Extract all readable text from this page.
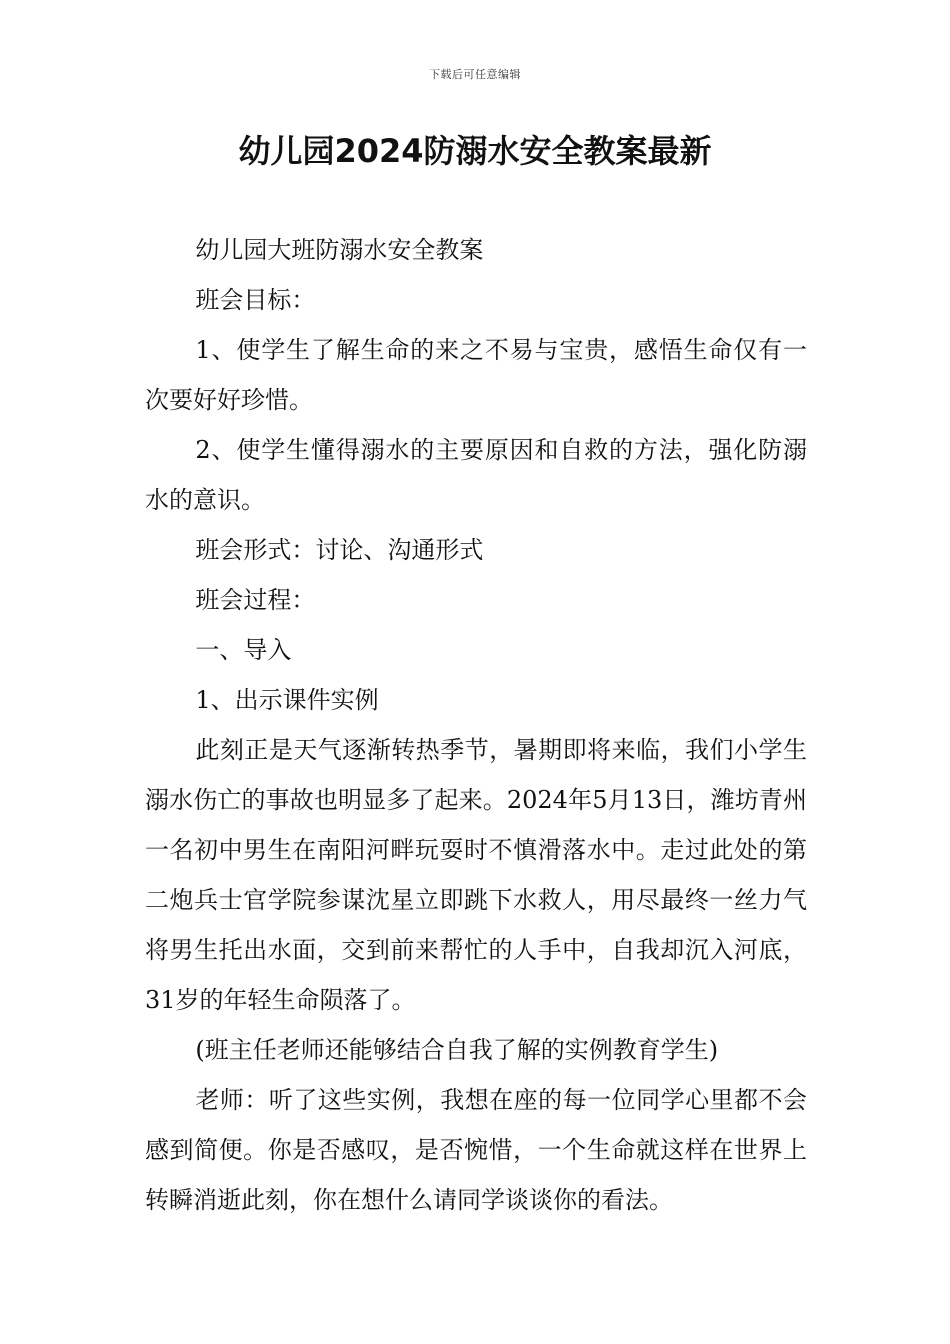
下载后可任意编辑
幼儿园2024防溺水安全教案最新

幼儿园大班防溺水安全教案

班会目标：

1、使学生了解生命的来之不易与宝贵，感悟生命仅有一次要好好珍惜。

2、使学生懂得溺水的主要原因和自救的方法，强化防溺水的意识。

班会形式：讨论、沟通形式

班会过程：

一、导入

1、出示课件实例

此刻正是天气逐渐转热季节，暑期即将来临，我们小学生溺水伤亡的事故也明显多了起来。2024年5月13日，潍坊青州一名初中男生在南阳河畔玩耍时不慎滑落水中。走过此处的第二炮兵士官学院参谋沈星立即跳下水救人，用尽最终一丝力气将男生托出水面，交到前来帮忙的人手中，自我却沉入河底，31岁的年轻生命陨落了。

(班主任老师还能够结合自我了解的实例教育学生)

老师：听了这些实例，我想在座的每一位同学心里都不会感到简便。你是否感叹，是否惋惜，一个生命就这样在世界上转瞬消逝此刻，你在想什么请同学谈谈你的看法。
